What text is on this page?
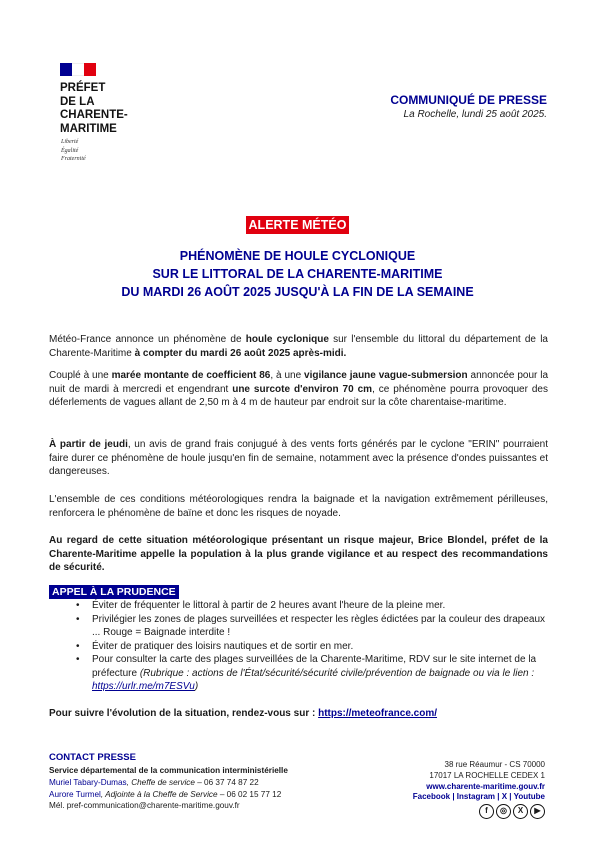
PRÉFET
DE LA
CHARENTE-
MARITIME
Liberté
Égalité
Fraternité
COMMUNIQUÉ DE PRESSE
La Rochelle, lundi 25 août 2025.
ALERTE MÉTÉO
PHÉNOMÈNE DE HOULE CYCLONIQUE
SUR LE LITTORAL DE LA CHARENTE-MARITIME
DU MARDI 26 AOÛT 2025 JUSQU'À LA FIN DE LA SEMAINE
Météo-France annonce un phénomène de houle cyclonique sur l'ensemble du littoral du département de la Charente-Maritime à compter du mardi 26 août 2025 après-midi.
Couplé à une marée montante de coefficient 86, à une vigilance jaune vague-submersion annoncée pour la nuit de mardi à mercredi et engendrant une surcote d'environ 70 cm, ce phénomène pourra provoquer des déferlements de vagues allant de 2,50 m à 4 m de hauteur par endroit sur la côte charentaise-maritime.
À partir de jeudi, un avis de grand frais conjugué à des vents forts générés par le cyclone "ERIN" pourraient faire durer ce phénomène de houle jusqu'en fin de semaine, notamment avec la présence d'ondes puissantes et dangereuses.
L'ensemble de ces conditions météorologiques rendra la baignade et la navigation extrêmement périlleuses, renforcera le phénomène de baïne et donc les risques de noyade.
Au regard de cette situation météorologique présentant un risque majeur, Brice Blondel, préfet de la Charente-Maritime appelle la population à la plus grande vigilance et au respect des recommandations de sécurité.
APPEL À LA PRUDENCE
• Éviter de fréquenter le littoral à partir de 2 heures avant l'heure de la pleine mer.
• Privilégier les zones de plages surveillées et respecter les règles édictées par la couleur des drapeaux ... Rouge = Baignade interdite !
• Éviter de pratiquer des loisirs nautiques et de sortir en mer.
• Pour consulter la carte des plages surveillées de la Charente-Maritime, RDV sur le site internet de la préfecture (Rubrique : actions de l'État/sécurité/sécurité civile/prévention de baignade ou via le lien : https://urlr.me/m7ESVu)
Pour suivre l'évolution de la situation, rendez-vous sur : https://meteofrance.com/
CONTACT PRESSE
Service départemental de la communication interministérielle
Muriel Tabary-Dumas, Cheffe de service – 06 37 74 87 22
Aurore Turmel, Adjointe à la Cheffe de Service – 06 02 15 77 12
Mél. pref-communication@charente-maritime.gouv.fr
38 rue Réaumur - CS 70000
17017 LA ROCHELLE CEDEX 1
www.charente-maritime.gouv.fr
Facebook | Instagram | X | Youtube
f	◎	X	▶
